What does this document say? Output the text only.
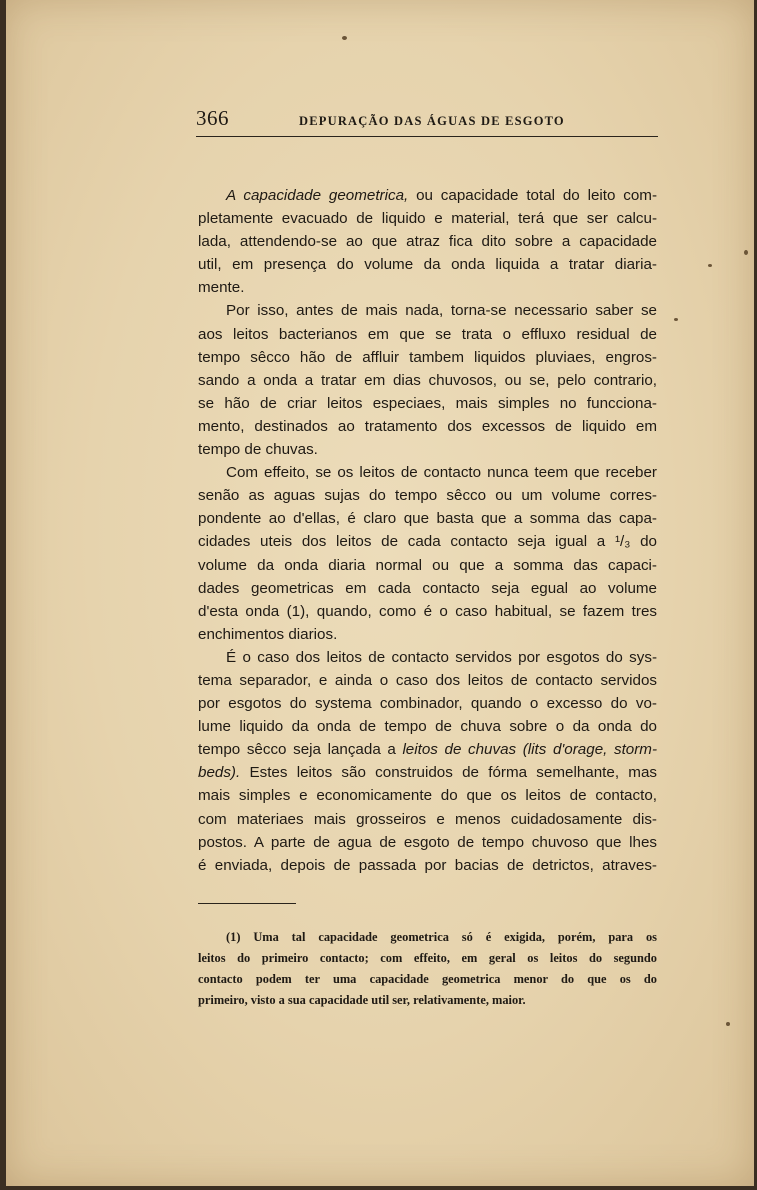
366	DEPURAÇÃO DAS ÁGUAS DE ESGOTO
A capacidade geometrica, ou capacidade total do leito com-
pletamente evacuado de liquido e material, terá que ser calcu-
lada, attendendo-se ao que atraz fica dito sobre a capacidade
util, em presença do volume da onda liquida a tratar diaria-
mente.
Por isso, antes de mais nada, torna-se necessario saber se
aos leitos bacterianos em que se trata o effluxo residual de
tempo sêcco hão de affluir tambem liquidos pluviaes, engros-
sando a onda a tratar em dias chuvosos, ou se, pelo contrario,
se hão de criar leitos especiaes, mais simples no funcciona-
mento, destinados ao tratamento dos excessos de liquido em
tempo de chuvas.
Com effeito, se os leitos de contacto nunca teem que receber
senão as aguas sujas do tempo sêcco ou um volume corres-
pondente ao d'ellas, é claro que basta que a somma das capa-
cidades uteis dos leitos de cada contacto seja igual a ¹/₃ do
volume da onda diaria normal ou que a somma das capaci-
dades geometricas em cada contacto seja egual ao volume
d'esta onda (1), quando, como é o caso habitual, se fazem tres
enchimentos diarios.
É o caso dos leitos de contacto servidos por esgotos do sys-
tema separador, e ainda o caso dos leitos de contacto servidos
por esgotos do systema combinador, quando o excesso do vo-
lume liquido da onda de tempo de chuva sobre o da onda do
tempo sêcco seja lançada a leitos de chuvas (lits d'orage, storm-
beds). Estes leitos são construidos de fórma semelhante, mas
mais simples e economicamente do que os leitos de contacto,
com materiaes mais grosseiros e menos cuidadosamente dis-
postos. A parte de agua de esgoto de tempo chuvoso que lhes
é enviada, depois de passada por bacias de detrictos, atraves-
(1) Uma tal capacidade geometrica só é exigida, porém, para os
leitos do primeiro contacto; com effeito, em geral os leitos do segundo
contacto podem ter uma capacidade geometrica menor do que os do
primeiro, visto a sua capacidade util ser, relativamente, maior.
